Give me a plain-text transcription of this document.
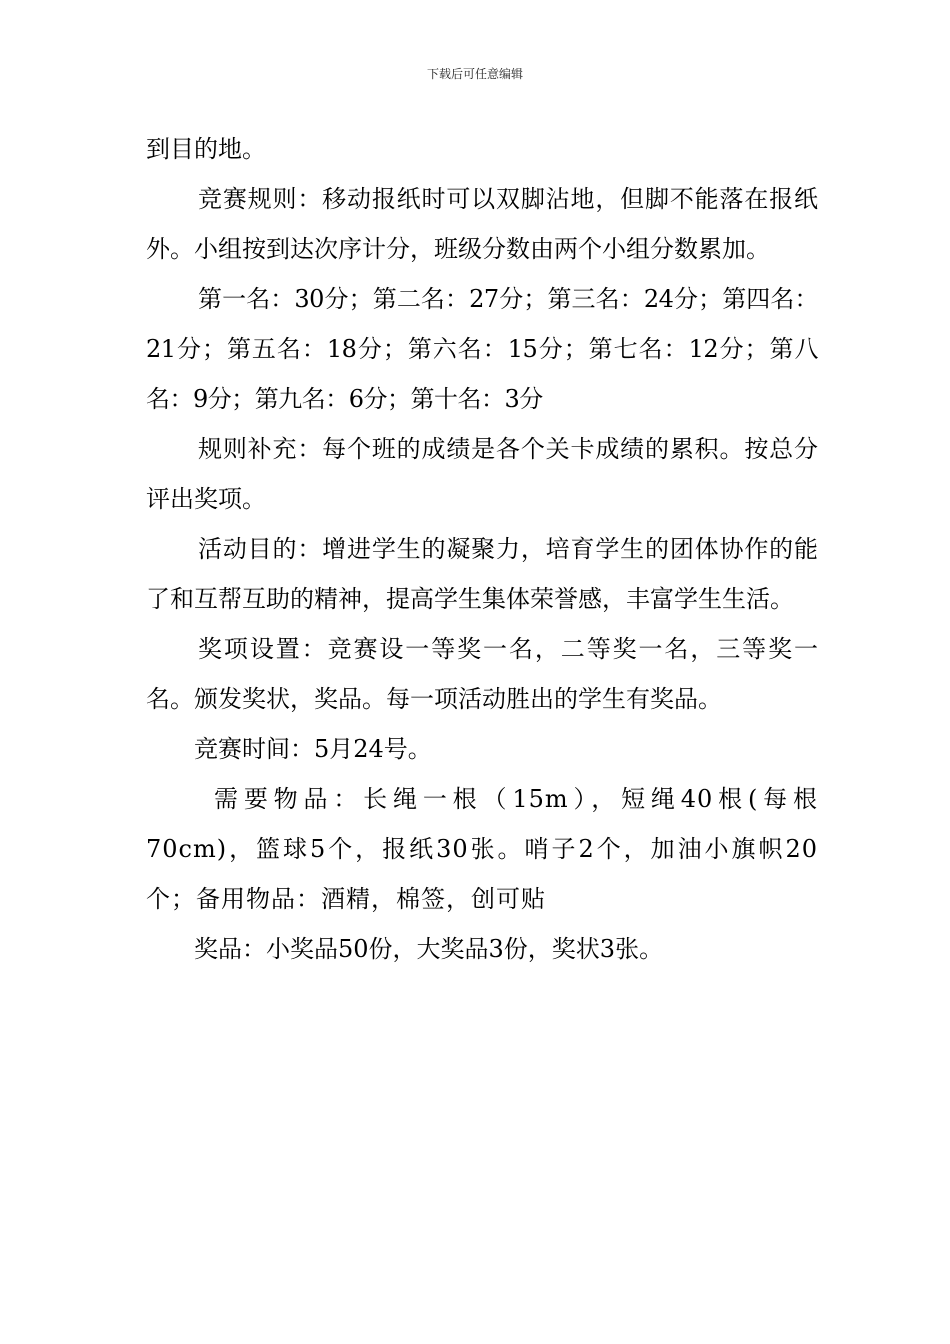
下载后可任意编辑

到目的地。

竞赛规则：移动报纸时可以双脚沾地，但脚不能落在报纸外。小组按到达次序计分，班级分数由两个小组分数累加。

第一名：30分；第二名：27分；第三名：24分；第四名：21分；第五名：18分；第六名：15分；第七名：12分；第八名：9分；第九名：6分；第十名：3分

规则补充：每个班的成绩是各个关卡成绩的累积。按总分评出奖项。

活动目的：增进学生的凝聚力，培育学生的团体协作的能了和互帮互助的精神，提高学生集体荣誉感，丰富学生生活。

奖项设置：竞赛设一等奖一名，二等奖一名，三等奖一名。颁发奖状，奖品。每一项活动胜出的学生有奖品。

竞赛时间：5月24号。

需要物品：长绳一根（15m），短绳40根(每根70cm)，篮球5个，报纸30张。哨子2个，加油小旗帜20个；备用物品：酒精，棉签，创可贴

奖品：小奖品50份，大奖品3份，奖状3张。
